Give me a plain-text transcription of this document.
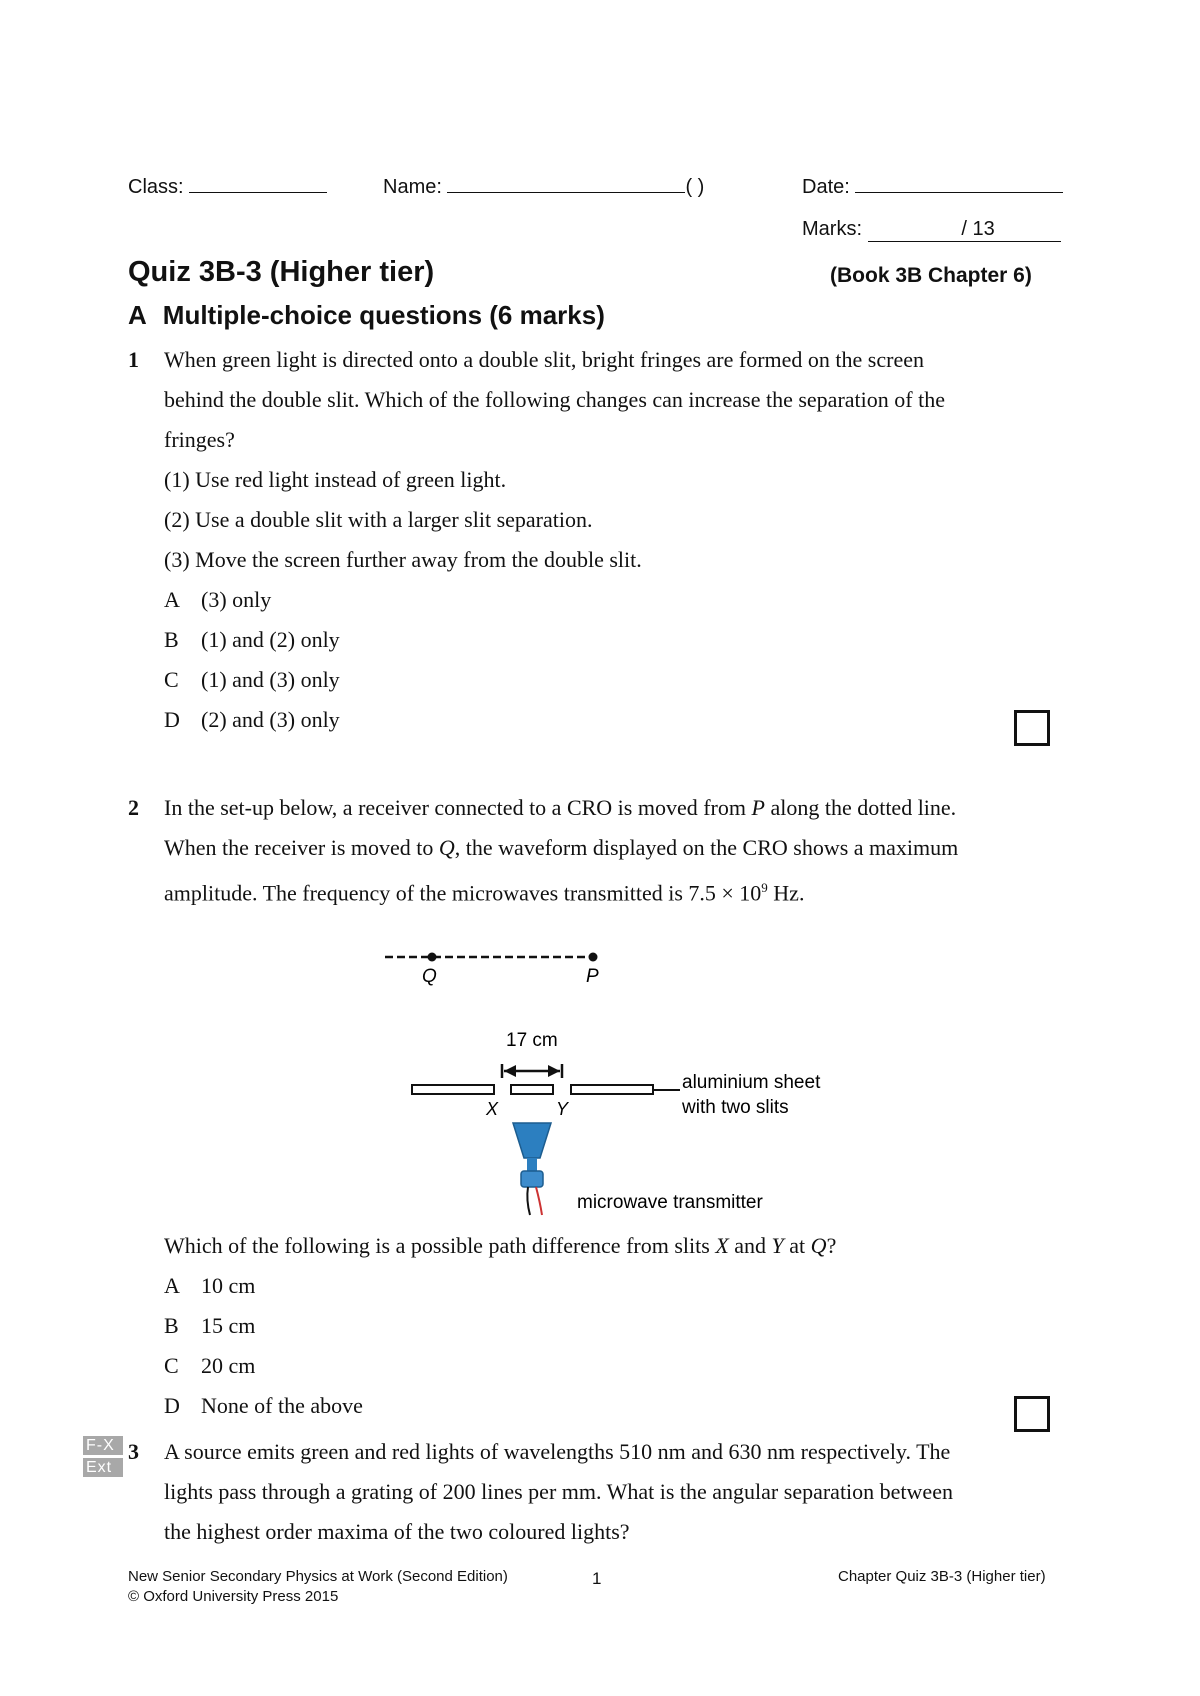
Class:	Name:	( )	Date:
Marks:	/ 13
Quiz 3B-3 (Higher tier)	(Book 3B Chapter 6)
A Multiple-choice questions (6 marks)
1 When green light is directed onto a double slit, bright fringes are formed on the screen
behind the double slit. Which of the following changes can increase the separation of the
fringes?
(1) Use red light instead of green light.
(2) Use a double slit with a larger slit separation.
(3) Move the screen further away from the double slit.
A (3) only
B (1) and (2) only
C (1) and (3) only
D (2) and (3) only
2 In the set-up below, a receiver connected to a CRO is moved from P along the dotted line.
When the receiver is moved to Q, the waveform displayed on the CRO shows a maximum
amplitude. The frequency of the microwaves transmitted is $7.5 \times 10^9$ Hz.
Q	P
17 cm
X	Y
aluminium sheet
with two slits
microwave transmitter
Which of the following is a possible path difference from slits X and Y at Q?
A 10 cm
B 15 cm
C 20 cm
D None of the above
F-X
Ext
3 A source emits green and red lights of wavelengths 510 nm and 630 nm respectively. The
lights pass through a grating of 200 lines per mm. What is the angular separation between
the highest order maxima of the two coloured lights?
New Senior Secondary Physics at Work (Second Edition)
© Oxford University Press 2015
1	Chapter Quiz 3B-3 (Higher tier)
